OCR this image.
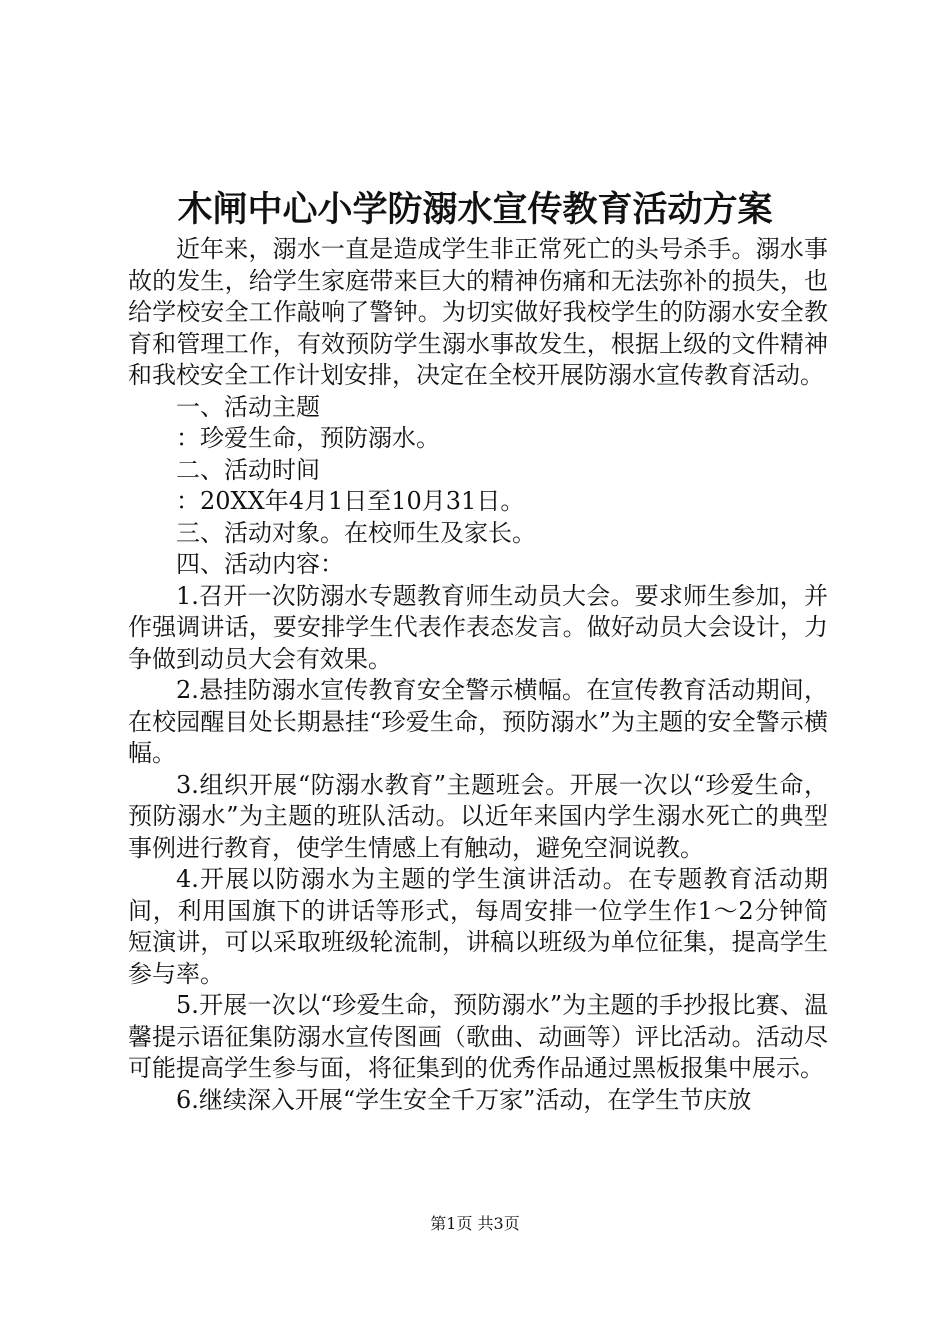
木闸中心小学防溺水宣传教育活动方案

近年来，溺水一直是造成学生非正常死亡的头号杀手。溺水事故的发生，给学生家庭带来巨大的精神伤痛和无法弥补的损失，也给学校安全工作敲响了警钟。为切实做好我校学生的防溺水安全教育和管理工作，有效预防学生溺水事故发生，根据上级的文件精神和我校安全工作计划安排，决定在全校开展防溺水宣传教育活动。

一、活动主题

：珍爱生命，预防溺水。

二、活动时间

：20XX年4月1日至10月31日。

三、活动对象。在校师生及家长。

四、活动内容：

1.召开一次防溺水专题教育师生动员大会。要求师生参加，并作强调讲话，要安排学生代表作表态发言。做好动员大会设计，力争做到动员大会有效果。

2.悬挂防溺水宣传教育安全警示横幅。在宣传教育活动期间，在校园醒目处长期悬挂“珍爱生命，预防溺水”为主题的安全警示横幅。

3.组织开展“防溺水教育”主题班会。开展一次以“珍爱生命，预防溺水”为主题的班队活动。以近年来国内学生溺水死亡的典型事例进行教育，使学生情感上有触动，避免空洞说教。

4.开展以防溺水为主题的学生演讲活动。在专题教育活动期间，利用国旗下的讲话等形式，每周安排一位学生作1～2分钟简短演讲，可以采取班级轮流制，讲稿以班级为单位征集，提高学生参与率。

5.开展一次以“珍爱生命，预防溺水”为主题的手抄报比赛、温馨提示语征集防溺水宣传图画（歌曲、动画等）评比活动。活动尽可能提高学生参与面，将征集到的优秀作品通过黑板报集中展示。

6.继续深入开展“学生安全千万家”活动，在学生节庆放

第1页 共3页
